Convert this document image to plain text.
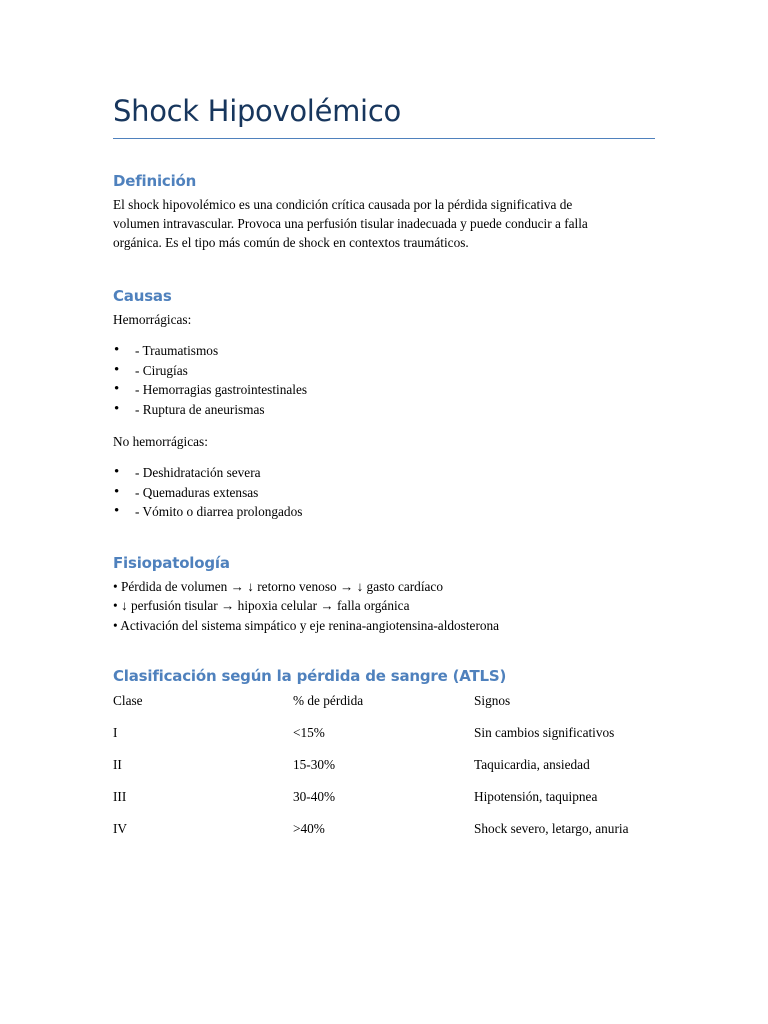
Shock Hipovolémico
Definición
El shock hipovolémico es una condición crítica causada por la pérdida significativa de
volumen intravascular. Provoca una perfusión tisular inadecuada y puede conducir a falla
orgánica. Es el tipo más común de shock en contextos traumáticos.
Causas
Hemorrágicas:
• - Traumatismos
• - Cirugías
• - Hemorragias gastrointestinales
• - Ruptura de aneurismas
No hemorrágicas:
• - Deshidratación severa
• - Quemaduras extensas
• - Vómito o diarrea prolongados
Fisiopatología
• Pérdida de volumen → ↓ retorno venoso → ↓ gasto cardíaco
• ↓ perfusión tisular → hipoxia celular → falla orgánica
• Activación del sistema simpático y eje renina-angiotensina-aldosterona
Clasificación según la pérdida de sangre (ATLS)
Clase	% de pérdida	Signos
I	<15%	Sin cambios significativos
II	15-30%	Taquicardia, ansiedad
III	30-40%	Hipotensión, taquipnea
IV	>40%	Shock severo, letargo, anuria
